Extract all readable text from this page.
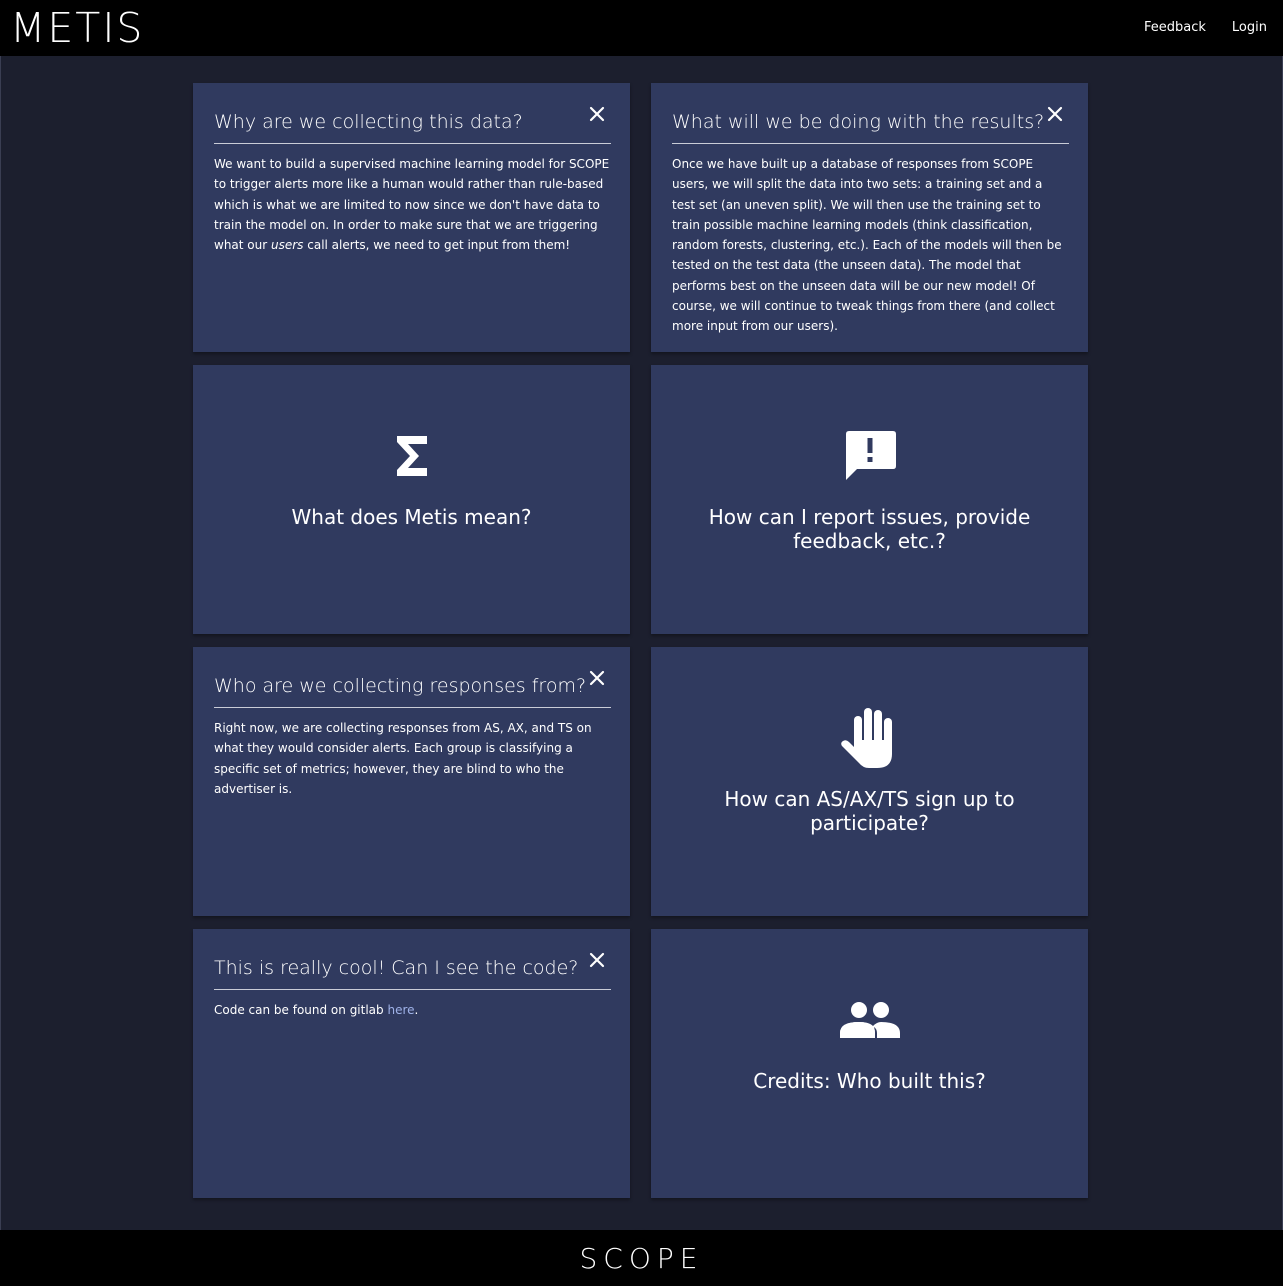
METIS	Feedback Login
Why are we collecting this data?
We want to build a supervised machine learning model for SCOPE to trigger alerts more like a human would rather than rule-based which is what we are limited to now since we don't have data to train the model on. In order to make sure that we are triggering what our users call alerts, we need to get input from them!
What will we be doing with the results?
Once we have built up a database of responses from SCOPE users, we will split the data into two sets: a training set and a test set (an uneven split). We will then use the training set to train possible machine learning models (think classification, random forests, clustering, etc.). Each of the models will then be tested on the test data (the unseen data). The model that performs best on the unseen data will be our new model! Of course, we will continue to tweak things from there (and collect more input from our users).
What does Metis mean?	How can I report issues, provide feedback, etc.?
Who are we collecting responses from?
Right now, we are collecting responses from AS, AX, and TS on what they would consider alerts. Each group is classifying a specific set of metrics; however, they are blind to who the advertiser is.	How can AS/AX/TS sign up to participate?
This is really cool! Can I see the code?
Code can be found on gitlab here.
Credits: Who built this?
SCOPE
